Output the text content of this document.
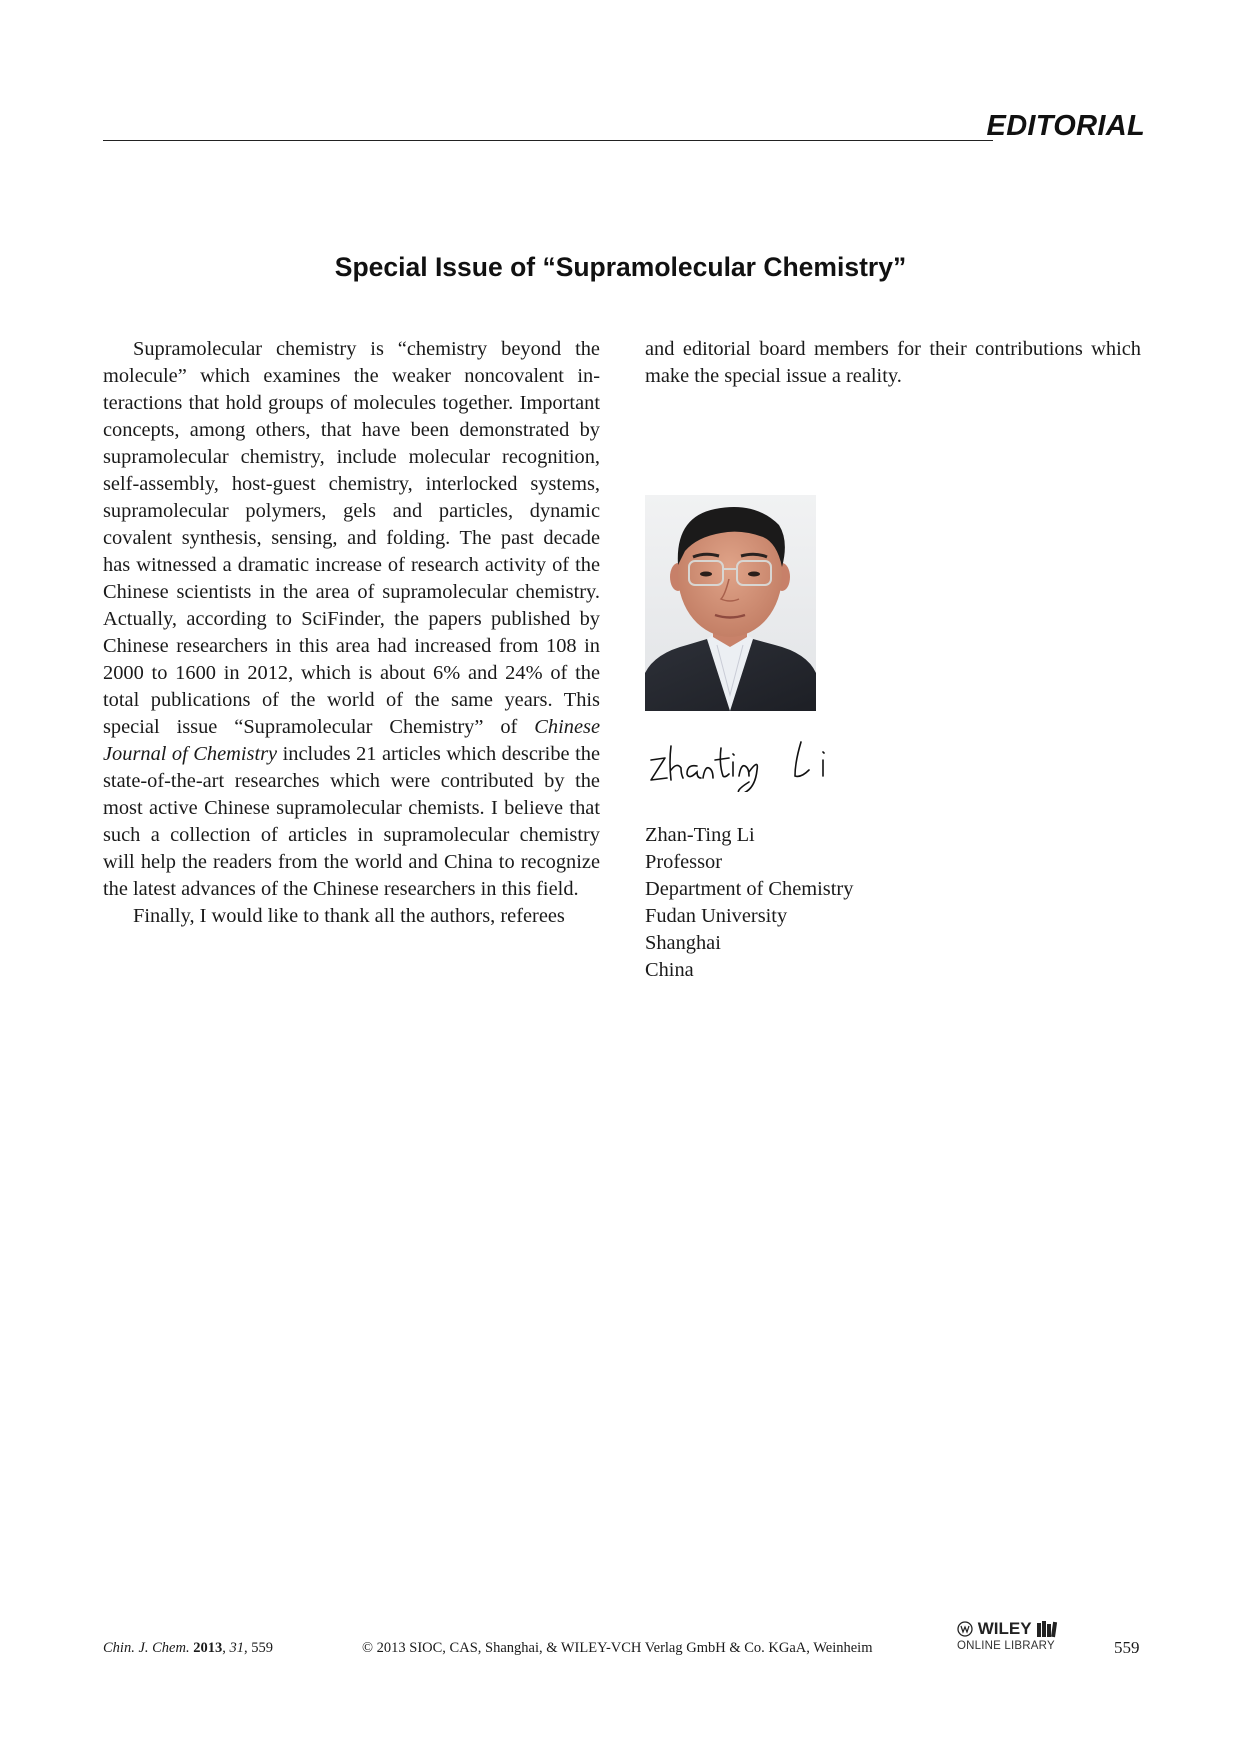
EDITORIAL
Special Issue of “Supramolecular Chemistry”

Supramolecular chemistry is “chemistry beyond the molecule” which examines the weaker noncovalent interactions that hold groups of molecules together. Important concepts, among others, that have been demonstrated by supramolecular chemistry, include molecular recognition, self-assembly, host-guest chemistry, interlocked systems, supramolecular polymers, gels and particles, dynamic covalent synthesis, sensing, and folding. The past decade has witnessed a dramatic increase of research activity of the Chinese scientists in the area of supramolecular chemistry. Actually, according to SciFinder, the papers published by Chinese researchers in this area had increased from 108 in 2000 to 1600 in 2012, which is about 6% and 24% of the total publications of the world of the same years. This special issue “Supramolecular Chemistry” of Chinese Journal of Chemistry includes 21 articles which describe the state-of-the-art researches which were contributed by the most active Chinese supramolecular chemists. I believe that such a collection of articles in supramolecular chemistry will help the readers from the world and China to recognize the latest advances of the Chinese researchers in this field.

Finally, I would like to thank all the authors, referees

and editorial board members for their contributions which make the special issue a reality.

Zhan-Ting Li
Professor
Department of Chemistry
Fudan University
Shanghai
China
Chin. J. Chem. 2013, 31, 559	© 2013 SIOC, CAS, Shanghai, & WILEY-VCH Verlag GmbH & Co. KGaA, Weinheim
WILEY
ONLINE LIBRARY	559
